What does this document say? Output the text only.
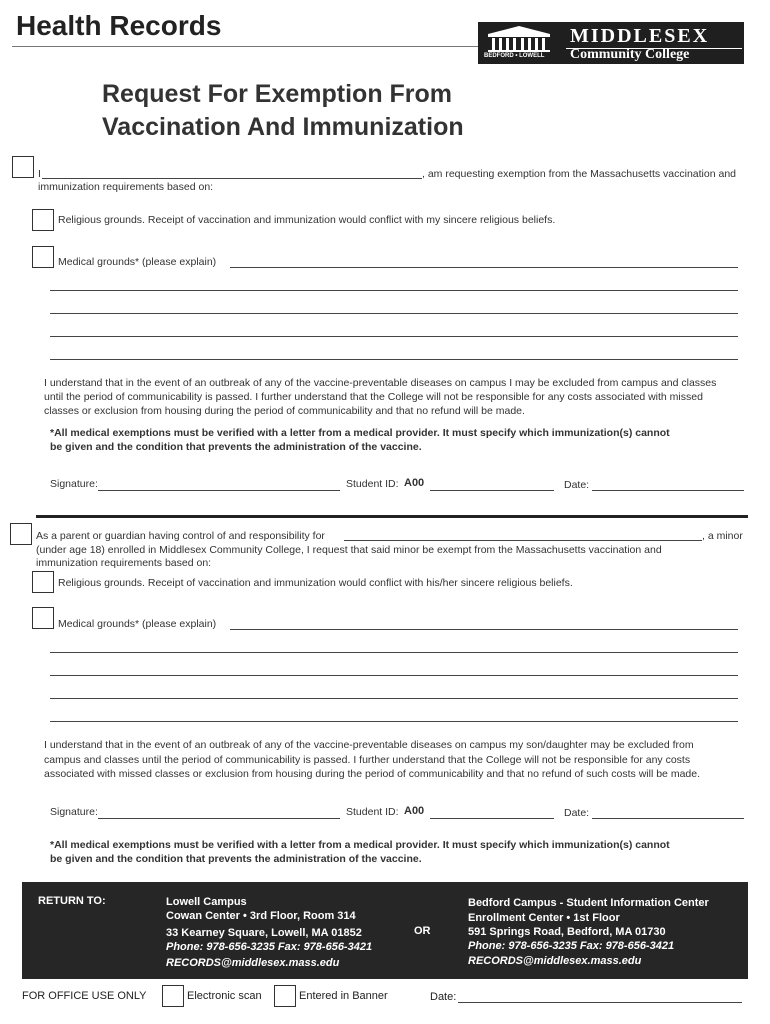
Health Records
BEDFORD • LOWELL
MIDDLESEX
Community College
Request For Exemption From
Vaccination And Immunization
I	, am requesting exemption from the Massachusetts vaccination and
immunization requirements based on:
Religious grounds. Receipt of vaccination and immunization would conflict with my sincere religious beliefs.
Medical grounds* (please explain)
I understand that in the event of an outbreak of any of the vaccine-preventable diseases on campus I may be excluded from campus and classes
until the period of communicability is passed. I further understand that the College will not be responsible for any costs associated with missed
classes or exclusion from housing during the period of communicability and that no refund will be made.
*All medical exemptions must be verified with a letter from a medical provider. It must specify which immunization(s) cannot
be given and the condition that prevents the administration of the vaccine.
Signature:	Student ID: A00	Date:
As a parent or guardian having control of and responsibility for	, a minor
(under age 18) enrolled in Middlesex Community College, I request that said minor be exempt from the Massachusetts vaccination and
immunization requirements based on:
Religious grounds. Receipt of vaccination and immunization would conflict with his/her sincere religious beliefs.
Medical grounds* (please explain)
I understand that in the event of an outbreak of any of the vaccine-preventable diseases on campus my son/daughter may be excluded from
campus and classes until the period of communicability is passed. I further understand that the College will not be responsible for any costs
associated with missed classes or exclusion from housing during the period of communicability and that no refund of such costs will be made.
Signature:	Student ID: A00	Date:
*All medical exemptions must be verified with a letter from a medical provider. It must specify which immunization(s) cannot
be given and the condition that prevents the administration of the vaccine.
RETURN TO:	Lowell Campus
Cowan Center • 3rd Floor, Room 314
33 Kearney Square, Lowell, MA 01852
Phone: 978-656-3235 Fax: 978-656-3421
RECORDS@middlesex.mass.edu
OR
Bedford Campus - Student Information Center
Enrollment Center • 1st Floor
591 Springs Road, Bedford, MA 01730
Phone: 978-656-3235 Fax: 978-656-3421
RECORDS@middlesex.mass.edu
FOR OFFICE USE ONLY	Electronic scan	Entered in Banner	Date:
